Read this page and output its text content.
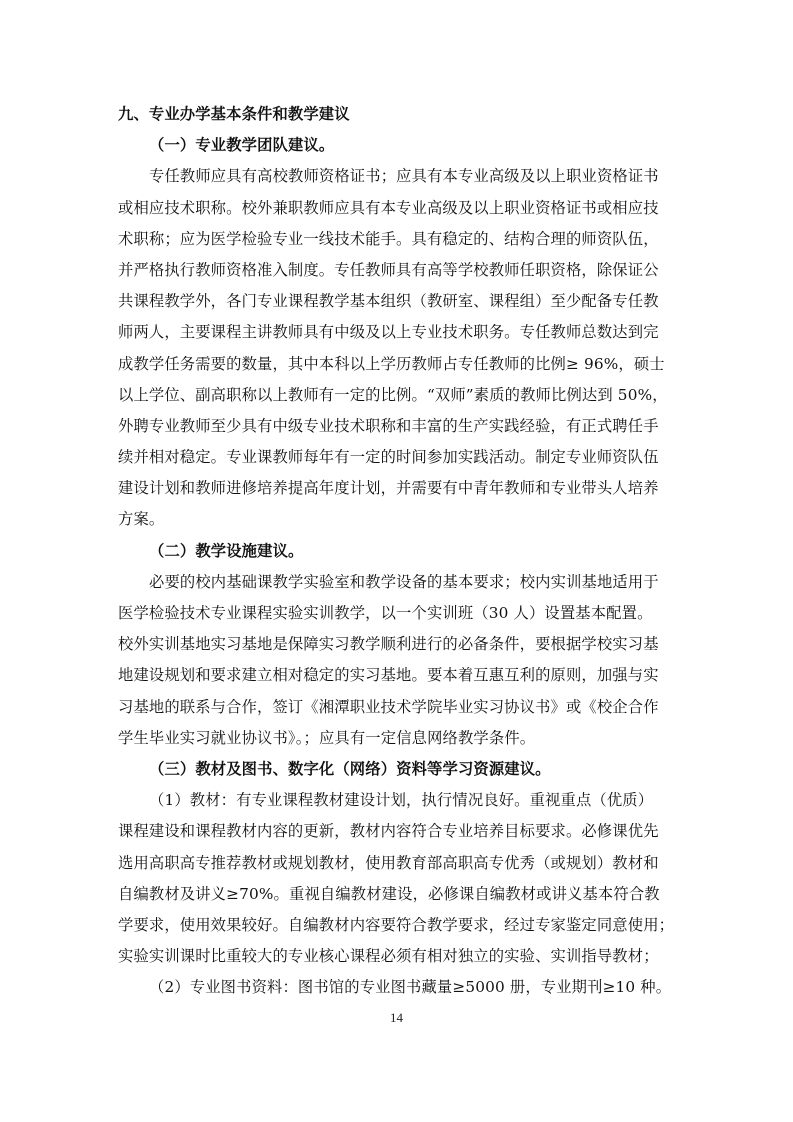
九、专业办学基本条件和教学建议
（一）专业教学团队建议。
专任教师应具有高校教师资格证书；应具有本专业高级及以上职业资格证书
或相应技术职称。校外兼职教师应具有本专业高级及以上职业资格证书或相应技
术职称；应为医学检验专业一线技术能手。具有稳定的、结构合理的师资队伍，
并严格执行教师资格准入制度。专任教师具有高等学校教师任职资格，除保证公
共课程教学外，各门专业课程教学基本组织（教研室、课程组）至少配备专任教
师两人，主要课程主讲教师具有中级及以上专业技术职务。专任教师总数达到完
成教学任务需要的数量，其中本科以上学历教师占专任教师的比例≥ 96%，硕士
以上学位、副高职称以上教师有一定的比例。“双师”素质的教师比例达到 50%，
外聘专业教师至少具有中级专业技术职称和丰富的生产实践经验，有正式聘任手
续并相对稳定。专业课教师每年有一定的时间参加实践活动。制定专业师资队伍
建设计划和教师进修培养提高年度计划，并需要有中青年教师和专业带头人培养
方案。
（二）教学设施建议。
必要的校内基础课教学实验室和教学设备的基本要求；校内实训基地适用于
医学检验技术专业课程实验实训教学，以一个实训班（30 人）设置基本配置。
校外实训基地实习基地是保障实习教学顺利进行的必备条件，要根据学校实习基
地建设规划和要求建立相对稳定的实习基地。要本着互惠互利的原则，加强与实
习基地的联系与合作，签订《湘潭职业技术学院毕业实习协议书》或《校企合作
学生毕业实习就业协议书》。；应具有一定信息网络教学条件。
（三）教材及图书、数字化（网络）资料等学习资源建议。
（1）教材：有专业课程教材建设计划，执行情况良好。重视重点（优质）
课程建设和课程教材内容的更新，教材内容符合专业培养目标要求。必修课优先
选用高职高专推荐教材或规划教材，使用教育部高职高专优秀（或规划）教材和
自编教材及讲义≥70%。重视自编教材建设，必修课自编教材或讲义基本符合教
学要求，使用效果较好。自编教材内容要符合教学要求，经过专家鉴定同意使用；
实验实训课时比重较大的专业核心课程必须有相对独立的实验、实训指导教材；
（2）专业图书资料：图书馆的专业图书藏量≥5000 册，专业期刊≥10 种。
14
